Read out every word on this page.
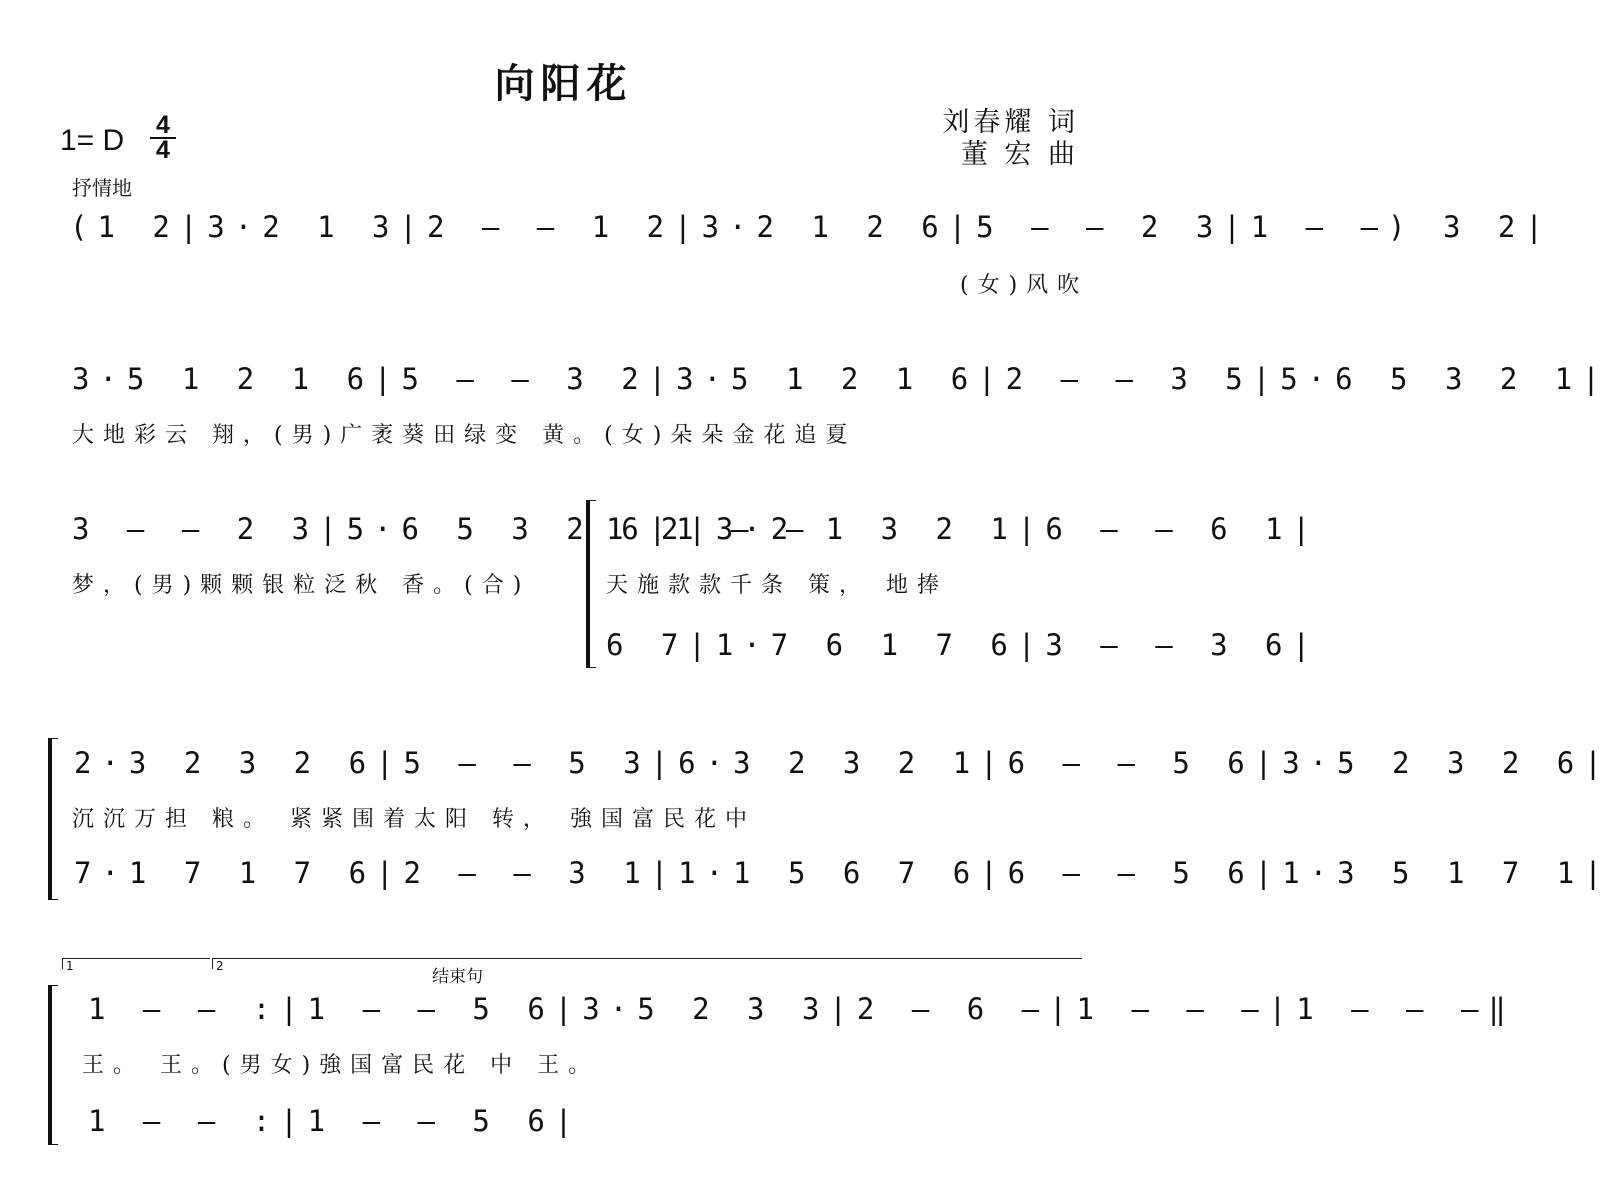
向阳花
刘春耀 词
董 宏 曲
1= D 4
4
抒情地
(1 2|3·2 1 3|2 – – 1 2|3·2 1 2 6|5 – – 2 3|1 – –) 3 2|
(女)风吹
3·5 1 2 1 6|5 – – 3 2|3·5 1 2 1 6|2 – – 3 5|5·6 5 3 2 1|
大地彩云 翔，(男)广袤葵田绿变 黄。(女)朵朵金花追夏
3 – – 2 3|5·6 5 3 2 6|1 – –
梦，(男)颗颗银粒泛秋 香。(合)
1 2|3·2 1 3 2 1|6 – – 6 1|
天施款款千条 策， 地捧
6 7|1·7 6 1 7 6|3 – – 3 6|
2·3 2 3 2 6|5 – – 5 3|6·3 2 3 2 1|6 – – 5 6|3·5 2 3 2 6|
沉沉万担 粮。 紧紧围着太阳 转， 強国富民花中
7·1 7 1 7 6|2 – – 3 1|1·1 5 6 7 6|6 – – 5 6|1·3 5 1 7 1|
1	2
结束句
1 – – :|1 – – 5 6|3·5 2 3 3|2 – 6 –|1 – – –|1 – – –‖
王。 王。(男女)強国富民花 中 王。
1 – – :|1 – – 5 6|
